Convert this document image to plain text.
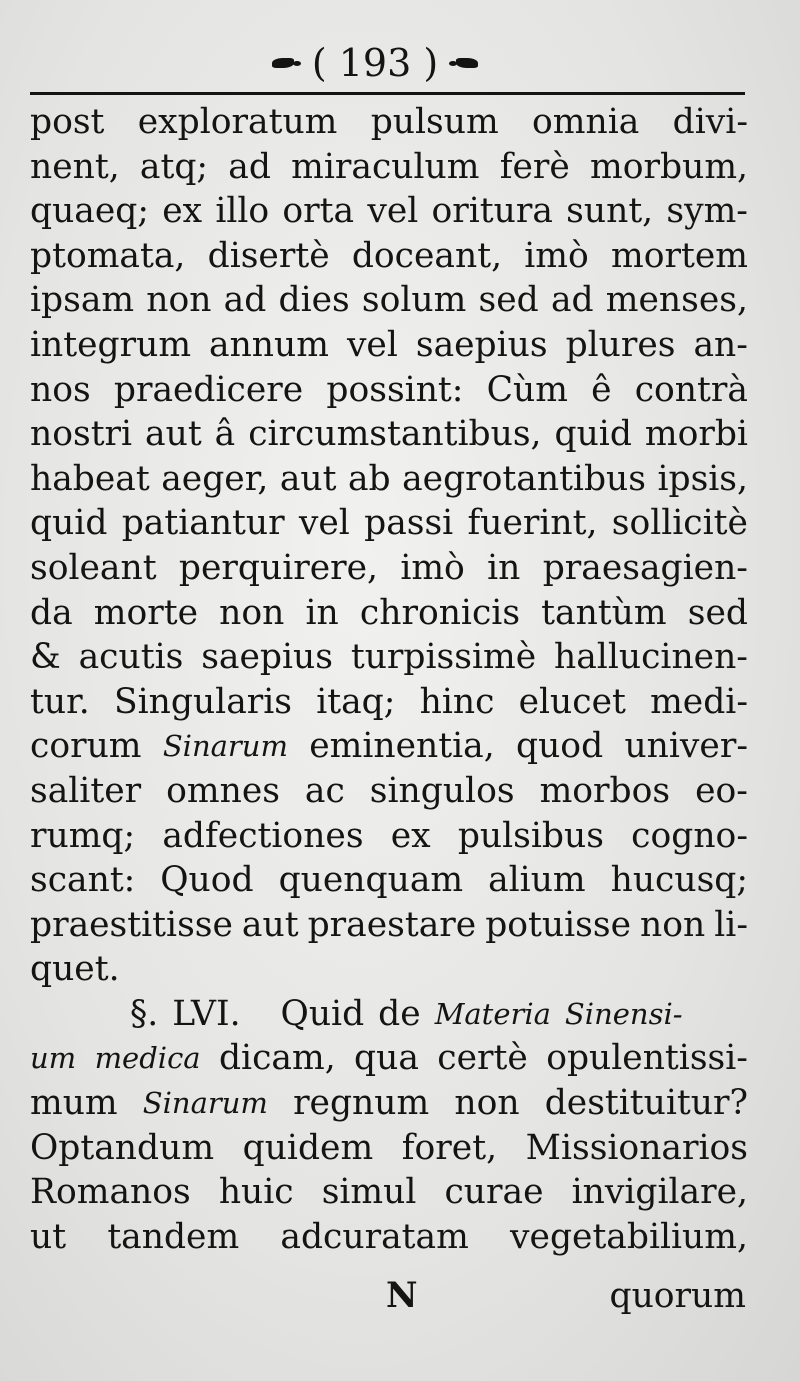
( 193 )
post exploratum pulsum omnia divi-
nent, atq; ad miraculum ferè morbum,
quaeq; ex illo orta vel oritura sunt, sym-
ptomata, disertè doceant, imò mortem
ipsam non ad dies solum sed ad menses,
integrum annum vel saepius plures an-
nos praedicere possint: Cùm ê contrà
nostri aut â circumstantibus, quid morbi
habeat aeger, aut ab aegrotantibus ipsis,
quid patiantur vel passi fuerint, sollicitè
soleant perquirere, imò in praesagien-
da morte non in chronicis tantùm sed
& acutis saepius turpissimè hallucinen-
tur. Singularis itaq; hinc elucet medi-
corum Sinarum eminentia, quod univer-
saliter omnes ac singulos morbos eo-
rumq; adfectiones ex pulsibus cogno-
scant: Quod quenquam alium hucusq;
praestitisse aut praestare potuisse non li-
quet.
§. LVI. Quid de Materia Sinensi-
um medica dicam, qua certè opulentissi-
mum Sinarum regnum non destituitur?
Optandum quidem foret, Missionarios
Romanos huic simul curae invigilare,
ut tandem adcuratam vegetabilium,
N	quorum
